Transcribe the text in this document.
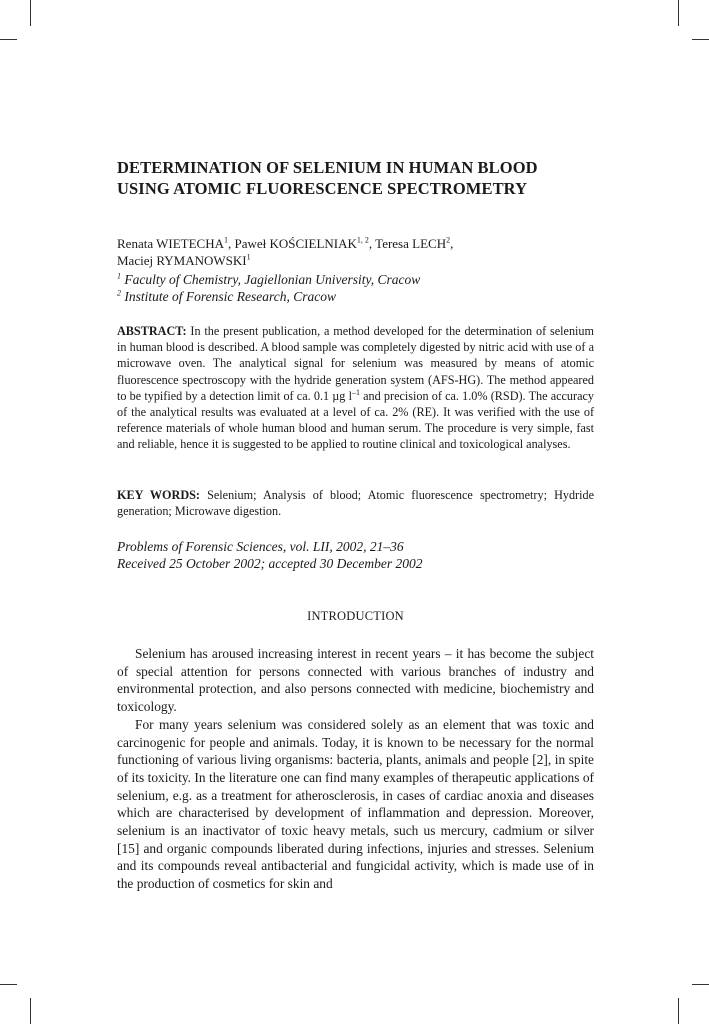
DETERMINATION OF SELENIUM IN HUMAN BLOOD USING ATOMIC FLUORESCENCE SPECTROMETRY
Renata WIETECHA$^1$, Paweł KOŚCIELNIAK$^{1, 2}$, Teresa LECH$^2$,
Maciej RYMANOWSKI$^1$
$^1$ Faculty of Chemistry, Jagiellonian University, Cracow
$^2$ Institute of Forensic Research, Cracow
ABSTRACT: In the present publication, a method developed for the determination of selenium in human blood is described. A blood sample was completely digested by nitric acid with use of a microwave oven. The analytical signal for selenium was measured by means of atomic fluorescence spectroscopy with the hydride generation system (AFS-HG). The method appeared to be typified by a detection limit of ca. 0.1 µg $l^{-1}$ and precision of ca. 1.0% (RSD). The accuracy of the analytical results was evaluated at a level of ca. 2% (RE). It was verified with the use of reference materials of whole human blood and human serum. The procedure is very simple, fast and reliable, hence it is suggested to be applied to routine clinical and toxicological analyses.
KEY WORDS: Selenium; Analysis of blood; Atomic fluorescence spectrometry; Hydride generation; Microwave digestion.
Problems of Forensic Sciences, vol. LII, 2002, 21–36
Received 25 October 2002; accepted 30 December 2002
INTRODUCTION

Selenium has aroused increasing interest in recent years – it has become the subject of special attention for persons connected with various branches of industry and environmental protection, and also persons connected with medicine, biochemistry and toxicology.

For many years selenium was considered solely as an element that was toxic and carcinogenic for people and animals. Today, it is known to be necessary for the normal functioning of various living organisms: bacteria, plants, animals and people [2], in spite of its toxicity. In the literature one can find many examples of therapeutic applications of selenium, e.g. as a treatment for atherosclerosis, in cases of cardiac anoxia and diseases which are characterised by development of inflammation and depression. Moreover, selenium is an inactivator of toxic heavy metals, such us mercury, cadmium or silver [15] and organic compounds liberated during infections, injuries and stresses. Selenium and its compounds reveal antibacterial and fungicidal activity, which is made use of in the production of cosmetics for skin and
